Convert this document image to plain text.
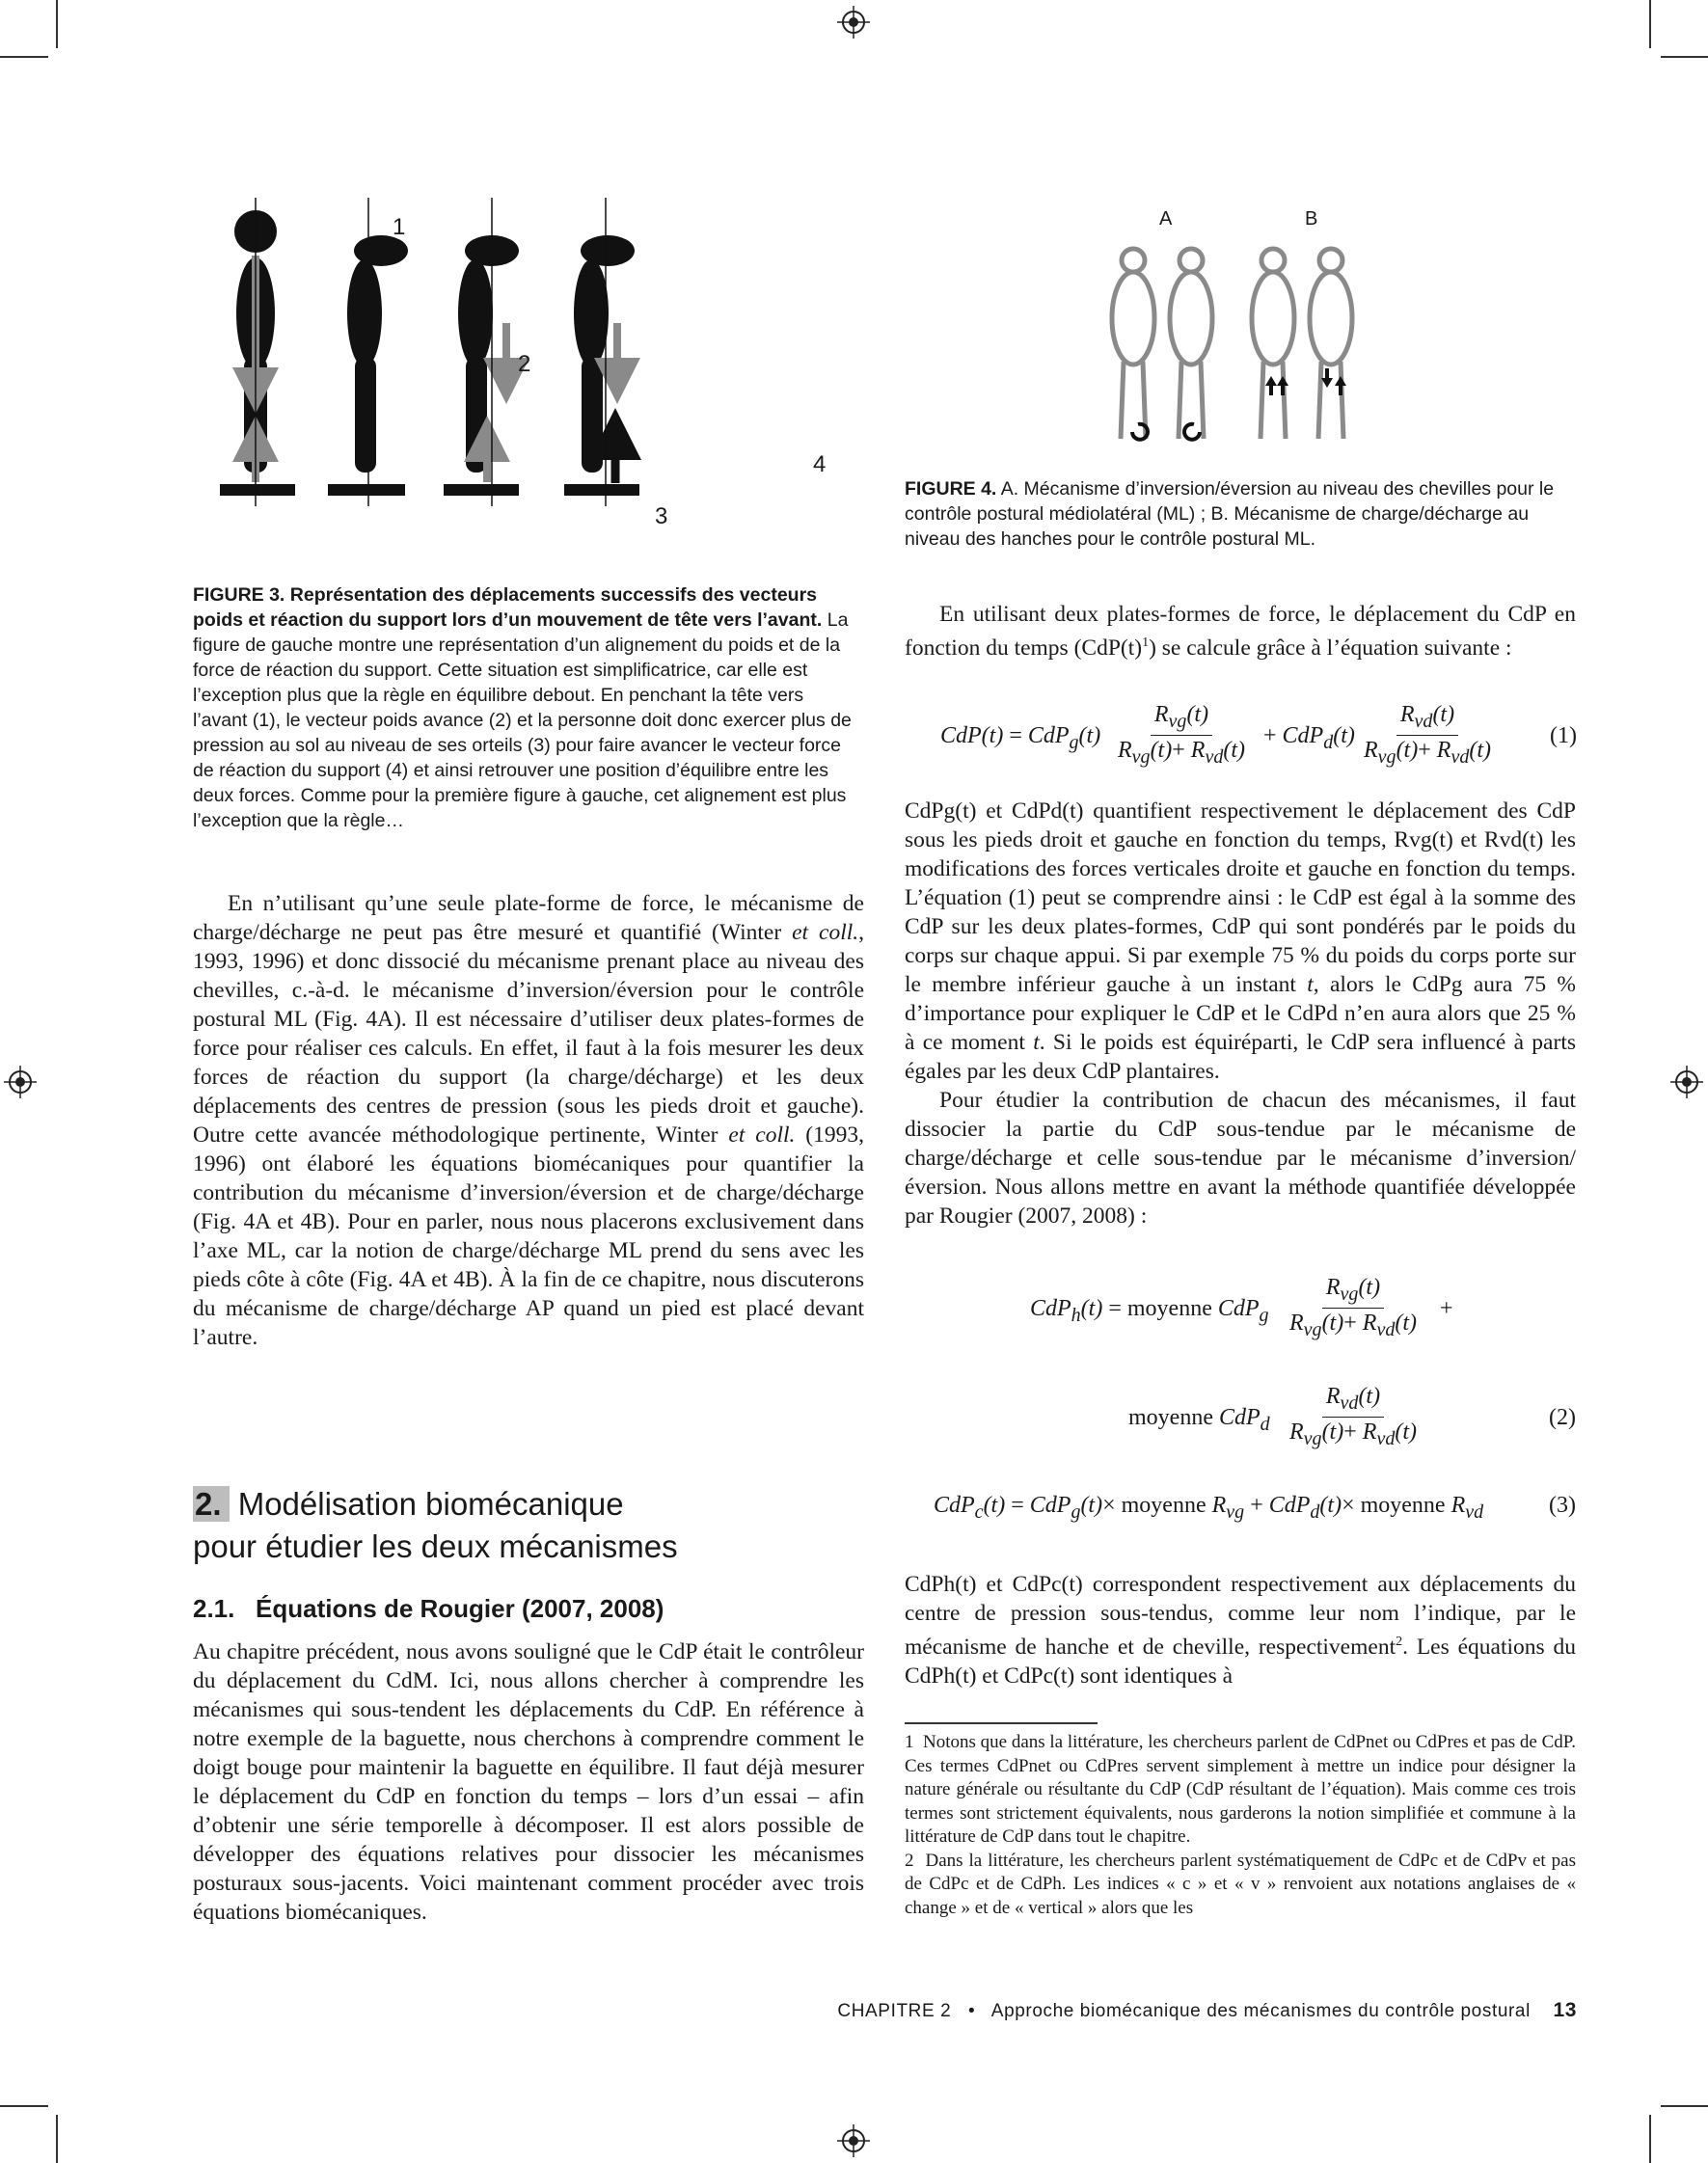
1
2
3
4
FIGURE 3. Représentation des déplacements successifs des vecteurs poids et réaction du support lors d’un mouvement de tête vers l’avant. La figure de gauche montre une représentation d’un alignement du poids et de la force de réaction du support. Cette situation est simplificatrice, car elle est l’exception plus que la règle en équilibre debout. En penchant la tête vers l’avant (1), le vecteur poids avance (2) et la personne doit donc exercer plus de pression au sol au niveau de ses orteils (3) pour faire avancer le vecteur force de réaction du support (4) et ainsi retrouver une position d’équilibre entre les deux forces. Comme pour la première figure à gauche, cet alignement est plus l’exception que la règle…
A	B
FIGURE 4. A. Mécanisme d’inversion/éversion au niveau des chevilles pour le contrôle postural médiolatéral (ML) ; B. Mécanisme de charge/décharge au niveau des hanches pour le contrôle postural ML.

En n’utilisant qu’une seule plate-forme de force, le mécanisme de charge/décharge ne peut pas être mesuré et quantifié (Winter et coll., 1993, 1996) et donc dissocié du mécanisme prenant place au niveau des chevilles, c.-à-d. le mécanisme d’inversion/éversion pour le contrôle postural ML (Fig. 4A). Il est nécessaire d’utiliser deux plates-formes de force pour réaliser ces calculs. En effet, il faut à la fois mesurer les deux forces de réaction du support (la charge/décharge) et les deux déplacements des centres de pression (sous les pieds droit et gauche). Outre cette avancée méthodologique pertinente, Winter et coll. (1993, 1996) ont élaboré les équations biomécaniques pour quantifier la contribution du mécanisme d’inversion/éversion et de charge/décharge (Fig. 4A et 4B). Pour en parler, nous nous placerons exclusivement dans l’axe ML, car la notion de charge/décharge ML prend du sens avec les pieds côte à côte (Fig. 4A et 4B). À la fin de ce chapitre, nous discuterons du mécanisme de charge/décharge AP quand un pied est placé devant l’autre.

2. Modélisation biomécanique
pour étudier les deux mécanismes
2.1. Équations de Rougier (2007, 2008)

Au chapitre précédent, nous avons souligné que le CdP était le contrôleur du déplacement du CdM. Ici, nous allons chercher à comprendre les mécanismes qui sous-tendent les déplacements du CdP. En référence à notre exemple de la baguette, nous cherchons à comprendre comment le doigt bouge pour maintenir la baguette en équilibre. Il faut déjà mesurer le déplacement du CdP en fonction du temps – lors d’un essai – afin d’obtenir une série temporelle à décomposer. Il est alors possible de développer des équations relatives pour dissocier les mécanismes posturaux sous-jacents. Voici maintenant comment procéder avec trois équations biomécaniques.

En utilisant deux plates-formes de force, le déplacement du CdP en fonction du temps $(CdP(t)^1)$ se calcule grâce à l’équation suivante :

CdP(t) = CdP$_g$(t)
$R_{vg}(t)$
$R_{vg}(t)+ R_{vd}(t)$
+ CdP$_d$(t)
$R_{vd}(t)$
$R_{vg}(t)+ R_{vd}(t)$
(1)

CdPg(t) et CdPd(t) quantifient respectivement le déplacement des CdP sous les pieds droit et gauche en fonction du temps, Rvg(t) et Rvd(t) les modifications des forces verticales droite et gauche en fonction du temps. L’équation (1) peut se comprendre ainsi : le CdP est égal à la somme des CdP sur les deux plates-formes, CdP qui sont pondérés par le poids du corps sur chaque appui. Si par exemple 75 % du poids du corps porte sur le membre inférieur gauche à un instant t, alors le CdPg aura 75 % d’importance pour expliquer le CdP et le CdPd n’en aura alors que 25 % à ce moment t. Si le poids est équiréparti, le CdP sera influencé à parts égales par les deux CdP plantaires.

Pour étudier la contribution de chacun des mécanismes, il faut dissocier la partie du CdP sous-tendue par le mécanisme de charge/décharge et celle sous-tendue par le mécanisme d’inversion/éversion. Nous allons mettre en avant la méthode quantifiée développée par Rougier (2007, 2008) :

CdP$_h$(t) = moyenne CdP$_g$
$R_{vg}(t)$
$R_{vg}(t)+ R_{vd}(t)$
+
moyenne CdP$_d$
$R_{vd}(t)$
$R_{vg}(t)+ R_{vd}(t)$
(2)
CdP$_c$(t) = CdP$_g$(t)× moyenne $R_{vg} + CdP_d(t)\times$ moyenne $R_{vd}$	(3)

CdPh(t) et CdPc(t) correspondent respectivement aux déplacements du centre de pression sous-tendus, comme leur nom l’indique, par le mécanisme de hanche et de cheville, respectivement$^2$. Les équations du CdPh(t) et CdPc(t) sont identiques à

1 Notons que dans la littérature, les chercheurs parlent de CdPnet ou CdPres et pas de CdP. Ces termes CdPnet ou CdPres servent simplement à mettre un indice pour désigner la nature générale ou résultante du CdP (CdP résultant de l’équation). Mais comme ces trois termes sont strictement équivalents, nous garderons la notion simplifiée et commune à la littérature de CdP dans tout le chapitre.
2 Dans la littérature, les chercheurs parlent systématiquement de CdPc et de CdPv et pas de CdPc et de CdPh. Les indices « c » et « v » renvoient aux notations anglaises de « change » et de « vertical » alors que les
CHAPITRE 2 • Approche biomécanique des mécanismes du contrôle postural 13
